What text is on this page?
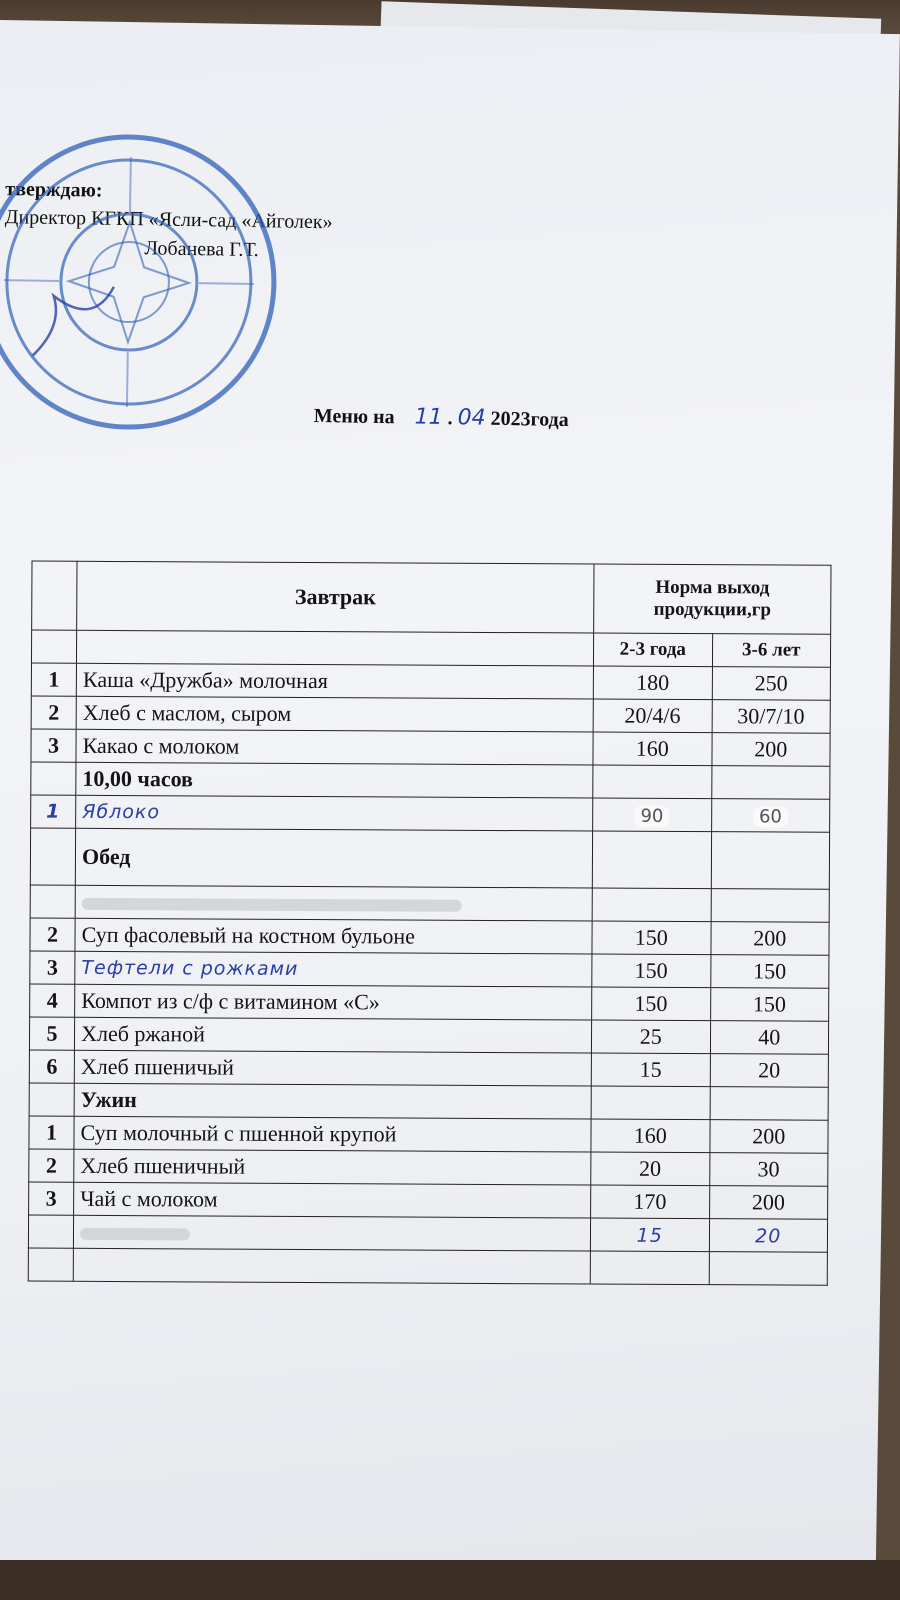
тверждаю:
Директор КГКП «Ясли-сад «Айголек»
Лобанева Г.Т.
Меню на 11 . 04 2023года
	Завтрак	Норма выход продукции,гр	
		2-3 года	3-6 лет
1	Каша «Дружба» молочная	180	250
2	Хлеб с маслом, сыром	20/4/6	30/7/10
3	Какао с молоком	160	200
	10,00 часов		
1	Яблоко	90	60
	Обед		

2	Суп фасолевый на костном бульоне	150	200
3	Тефтели с рожками	150	150
4	Компот из с/ф с витамином «С»	150	150
5	Хлеб ржаной	25	40
6	Хлеб пшеничый	15	20
	Ужин		
1	Суп молочный с пшенной крупой	160	200
2	Хлеб пшеничный	20	30
3	Чай с молоком	170	200
		15	20
